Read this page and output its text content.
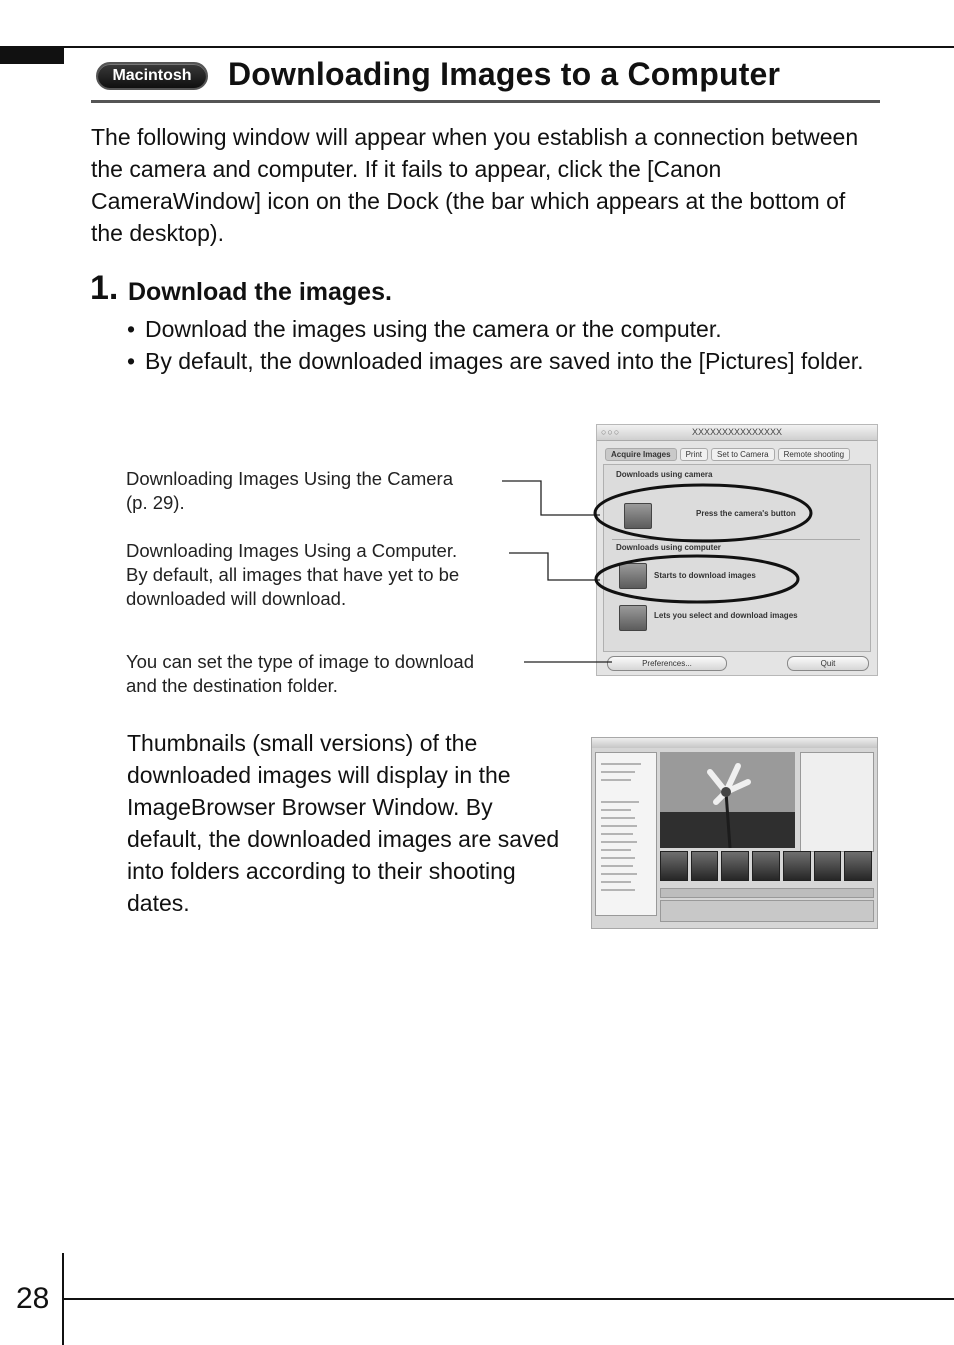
Macintosh	Downloading Images to a Computer
The following window will appear when you establish a connection between the camera and computer. If it fails to appear, click the [Canon CameraWindow] icon on the Dock (the bar which appears at the bottom of the desktop).
1. Download the images.
• Download the images using the camera or the computer.
• By default, the downloaded images are saved into the [Pictures] folder.
Downloading Images Using the Camera
(p. 29).
Downloading Images Using a Computer.
By default, all images that have yet to be
downloaded will download.
You can set the type of image to download
and the destination folder.
○○○	XXXXXXXXXXXXXXX
Acquire Images	Print	Set to Camera	Remote shooting
Downloads using camera
Press the camera's button
Downloads using computer
Starts to download images
Lets you select and download images
Preferences...	Quit
Thumbnails (small versions) of the downloaded images will display in the ImageBrowser Browser Window. By default, the downloaded images are saved into folders according to their shooting dates.
28
